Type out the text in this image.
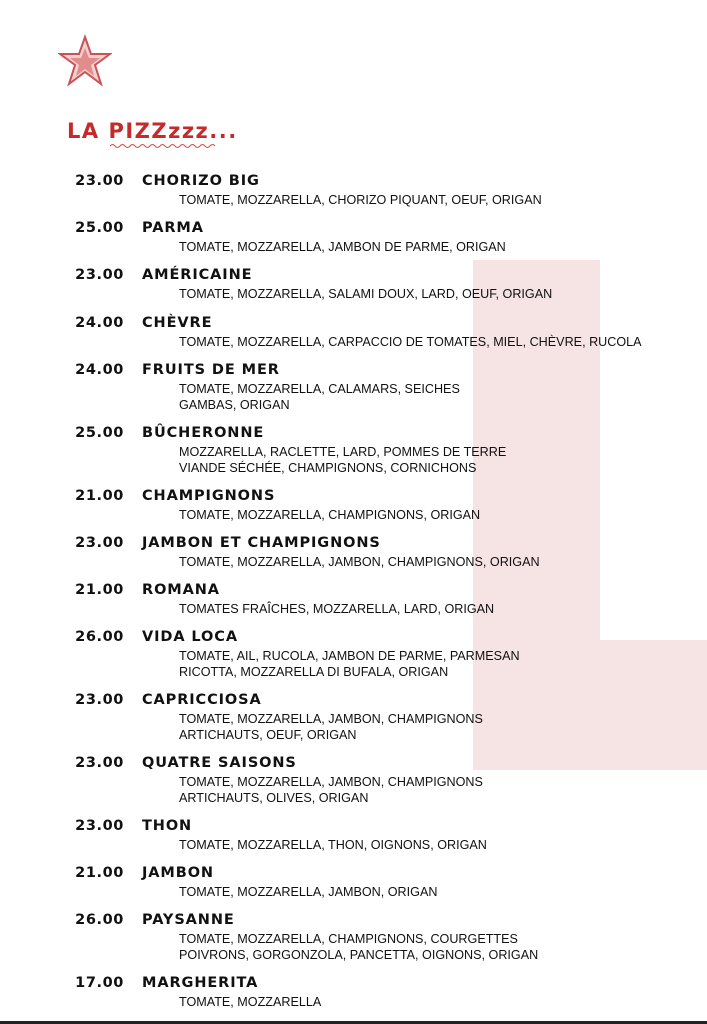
LA PIZZzzz...
23.00 CHORIZO BIG
TOMATE, MOZZARELLA, CHORIZO PIQUANT, OEUF, ORIGAN
25.00 PARMA
TOMATE, MOZZARELLA, JAMBON DE PARME, ORIGAN
23.00 AMÉRICAINE
TOMATE, MOZZARELLA, SALAMI DOUX, LARD, OEUF, ORIGAN
24.00 CHÈVRE
TOMATE, MOZZARELLA, CARPACCIO DE TOMATES, MIEL, CHÈVRE, RUCOLA
24.00 FRUITS DE MER
TOMATE, MOZZARELLA, CALAMARS, SEICHES
GAMBAS, ORIGAN
25.00 BÛCHERONNE
MOZZARELLA, RACLETTE, LARD, POMMES DE TERRE
VIANDE SÉCHÉE, CHAMPIGNONS, CORNICHONS
21.00 CHAMPIGNONS
TOMATE, MOZZARELLA, CHAMPIGNONS, ORIGAN
23.00 JAMBON ET CHAMPIGNONS
TOMATE, MOZZARELLA, JAMBON, CHAMPIGNONS, ORIGAN
21.00 ROMANA
TOMATES FRAÎCHES, MOZZARELLA, LARD, ORIGAN
26.00 VIDA LOCA
TOMATE, AIL, RUCOLA, JAMBON DE PARME, PARMESAN
RICOTTA, MOZZARELLA DI BUFALA, ORIGAN
23.00 CAPRICCIOSA
TOMATE, MOZZARELLA, JAMBON, CHAMPIGNONS
ARTICHAUTS, OEUF, ORIGAN
23.00 QUATRE SAISONS
TOMATE, MOZZARELLA, JAMBON, CHAMPIGNONS
ARTICHAUTS, OLIVES, ORIGAN
23.00 THON
TOMATE, MOZZARELLA, THON, OIGNONS, ORIGAN
21.00 JAMBON
TOMATE, MOZZARELLA, JAMBON, ORIGAN
26.00 PAYSANNE
TOMATE, MOZZARELLA, CHAMPIGNONS, COURGETTES
POIVRONS, GORGONZOLA, PANCETTA, OIGNONS, ORIGAN
17.00 MARGHERITA
TOMATE, MOZZARELLA
